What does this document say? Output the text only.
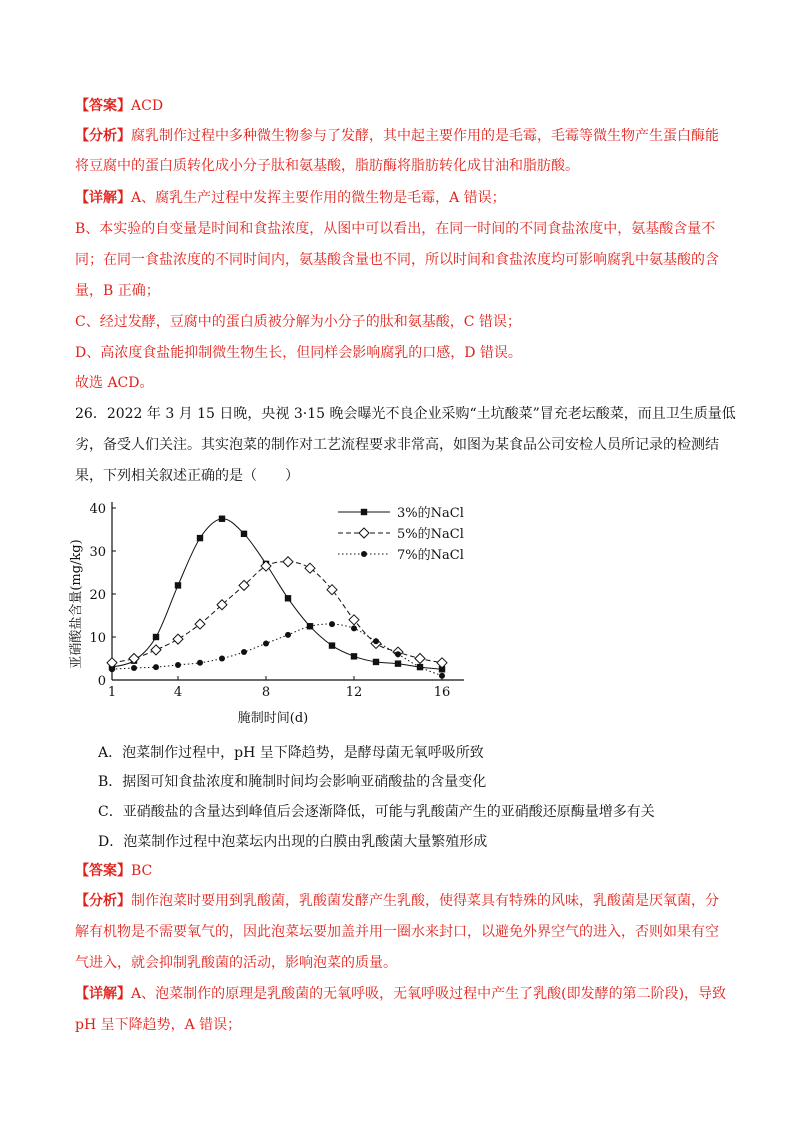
【答案】ACD
【分析】腐乳制作过程中多种微生物参与了发酵，其中起主要作用的是毛霉，毛霉等微生物产生蛋白酶能
将豆腐中的蛋白质转化成小分子肽和氨基酸，脂肪酶将脂肪转化成甘油和脂肪酸。
【详解】A、腐乳生产过程中发挥主要作用的微生物是毛霉，A 错误；
B、本实验的自变量是时间和食盐浓度，从图中可以看出，在同一时间的不同食盐浓度中，氨基酸含量不
同；在同一食盐浓度的不同时间内，氨基酸含量也不同，所以时间和食盐浓度均可影响腐乳中氨基酸的含
量，B 正确；
C、经过发酵，豆腐中的蛋白质被分解为小分子的肽和氨基酸，C 错误；
D、高浓度食盐能抑制微生物生长，但同样会影响腐乳的口感，D 错误。
故选 ACD。
26．2022 年 3 月 15 日晚，央视 3·15 晚会曝光不良企业采购“土坑酸菜”冒充老坛酸菜，而且卫生质量低
劣，备受人们关注。其实泡菜的制作对工艺流程要求非常高，如图为某食品公司安检人员所记录的检测结
果，下列相关叙述正确的是（　　）
1	4	8	12	16
0
10
20
30
40	3%的NaCl
5%的NaCl
7%的NaCl
亚硝酸盐含量(mg/kg)
腌制时间(d)
A．泡菜制作过程中，pH 呈下降趋势，是酵母菌无氧呼吸所致
B．据图可知食盐浓度和腌制时间均会影响亚硝酸盐的含量变化
C．亚硝酸盐的含量达到峰值后会逐渐降低，可能与乳酸菌产生的亚硝酸还原酶量增多有关
D．泡菜制作过程中泡菜坛内出现的白膜由乳酸菌大量繁殖形成
【答案】BC
【分析】制作泡菜时要用到乳酸菌，乳酸菌发酵产生乳酸，使得菜具有特殊的风味，乳酸菌是厌氧菌，分
解有机物是不需要氧气的，因此泡菜坛要加盖并用一圈水来封口，以避免外界空气的进入，否则如果有空
气进入，就会抑制乳酸菌的活动，影响泡菜的质量。
【详解】A、泡菜制作的原理是乳酸菌的无氧呼吸，无氧呼吸过程中产生了乳酸(即发酵的第二阶段)，导致
pH 呈下降趋势，A 错误；
